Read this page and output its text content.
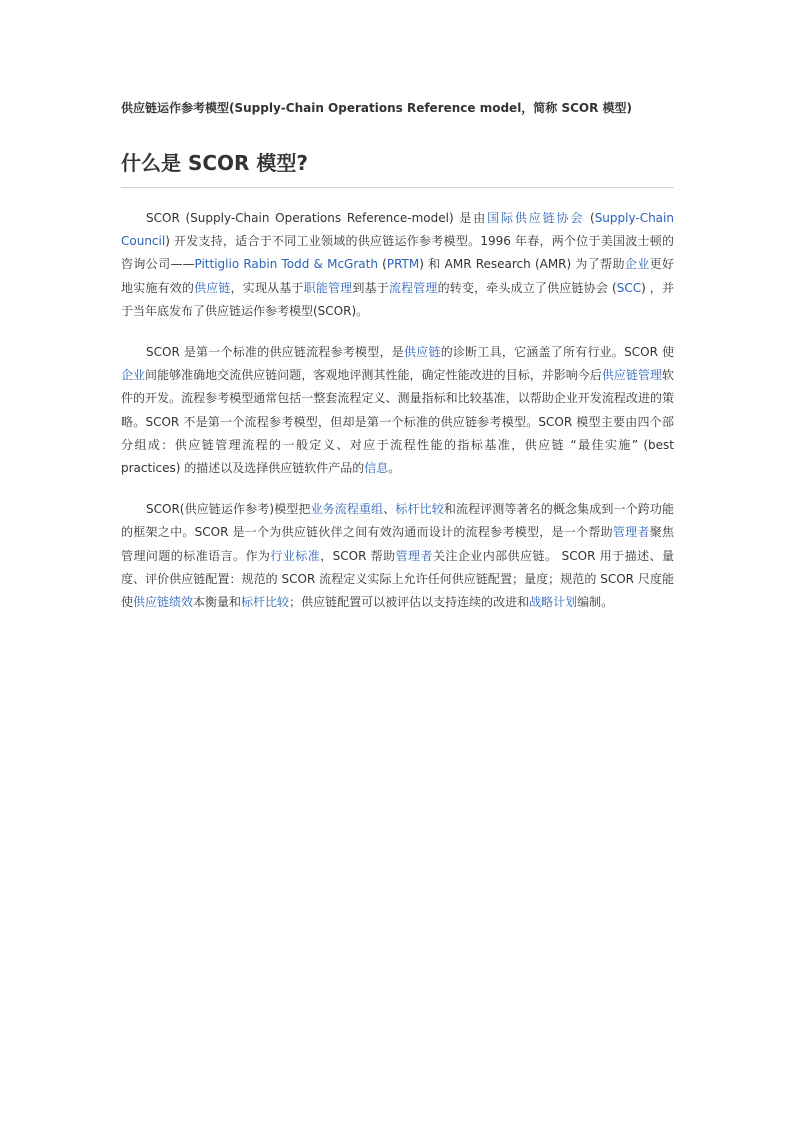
供应链运作参考模型(Supply-Chain Operations Reference model，简称 SCOR 模型)
什么是 SCOR 模型?

SCOR (Supply-Chain Operations Reference-model) 是由国际供应链协会 (Supply-Chain Council) 开发支持，适合于不同工业领域的供应链运作参考模型。1996 年春，两个位于美国波士顿的咨询公司——Pittiglio Rabin Todd & McGrath (PRTM) 和 AMR Research (AMR) 为了帮助企业更好地实施有效的供应链，实现从基于职能管理到基于流程管理的转变，牵头成立了供应链协会 (SCC) ，并于当年底发布了供应链运作参考模型(SCOR)。

SCOR 是第一个标准的供应链流程参考模型，是供应链的诊断工具，它涵盖了所有行业。SCOR 使企业间能够准确地交流供应链问题，客观地评测其性能，确定性能改进的目标，并影响今后供应链管理软件的开发。流程参考模型通常包括一整套流程定义、测量指标和比较基准，以帮助企业开发流程改进的策略。SCOR 不是第一个流程参考模型，但却是第一个标准的供应链参考模型。SCOR 模型主要由四个部分组成：供应链管理流程的一般定义、对应于流程性能的指标基准，供应链 “最佳实施” (best practices) 的描述以及选择供应链软件产品的信息。

SCOR(供应链运作参考)模型把业务流程重组、标杆比较和流程评测等著名的概念集成到一个跨功能的框架之中。SCOR 是一个为供应链伙伴之间有效沟通而设计的流程参考模型，是一个帮助管理者聚焦管理问题的标准语言。作为行业标准，SCOR 帮助管理者关注企业内部供应链。 SCOR 用于描述、量度、评价供应链配置：规范的 SCOR 流程定义实际上允许任何供应链配置；量度；规范的 SCOR 尺度能使供应链绩效本衡量和标杆比较；供应链配置可以被评估以支持连续的改进和战略计划编制。
